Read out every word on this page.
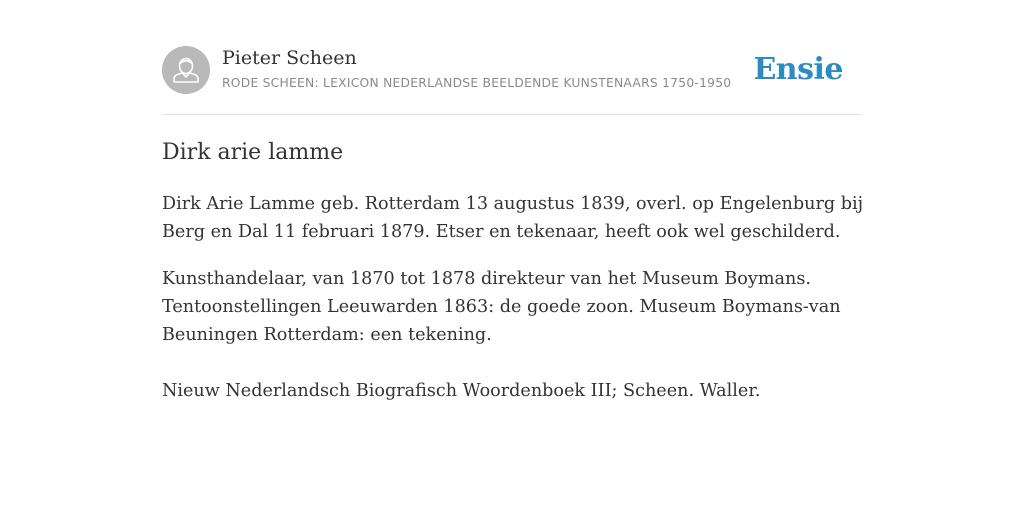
Pieter Scheen
RODE SCHEEN: LEXICON NEDERLANDSE BEELDENDE KUNSTENAARS 1750-1950 Ensie
Dirk arie lamme

Dirk Arie Lamme geb. Rotterdam 13 augustus 1839, overl. op Engelenburg bij Berg en Dal 11 februari 1879. Etser en tekenaar, heeft ook wel geschilderd.

Kunsthandelaar, van 1870 tot 1878 direkteur van het Museum Boymans. Tentoonstellingen Leeuwarden 1863: de goede zoon. Museum Boymans-van Beuningen Rotterdam: een tekening.

Nieuw Nederlandsch Biografisch Woordenboek III; Scheen. Waller.
